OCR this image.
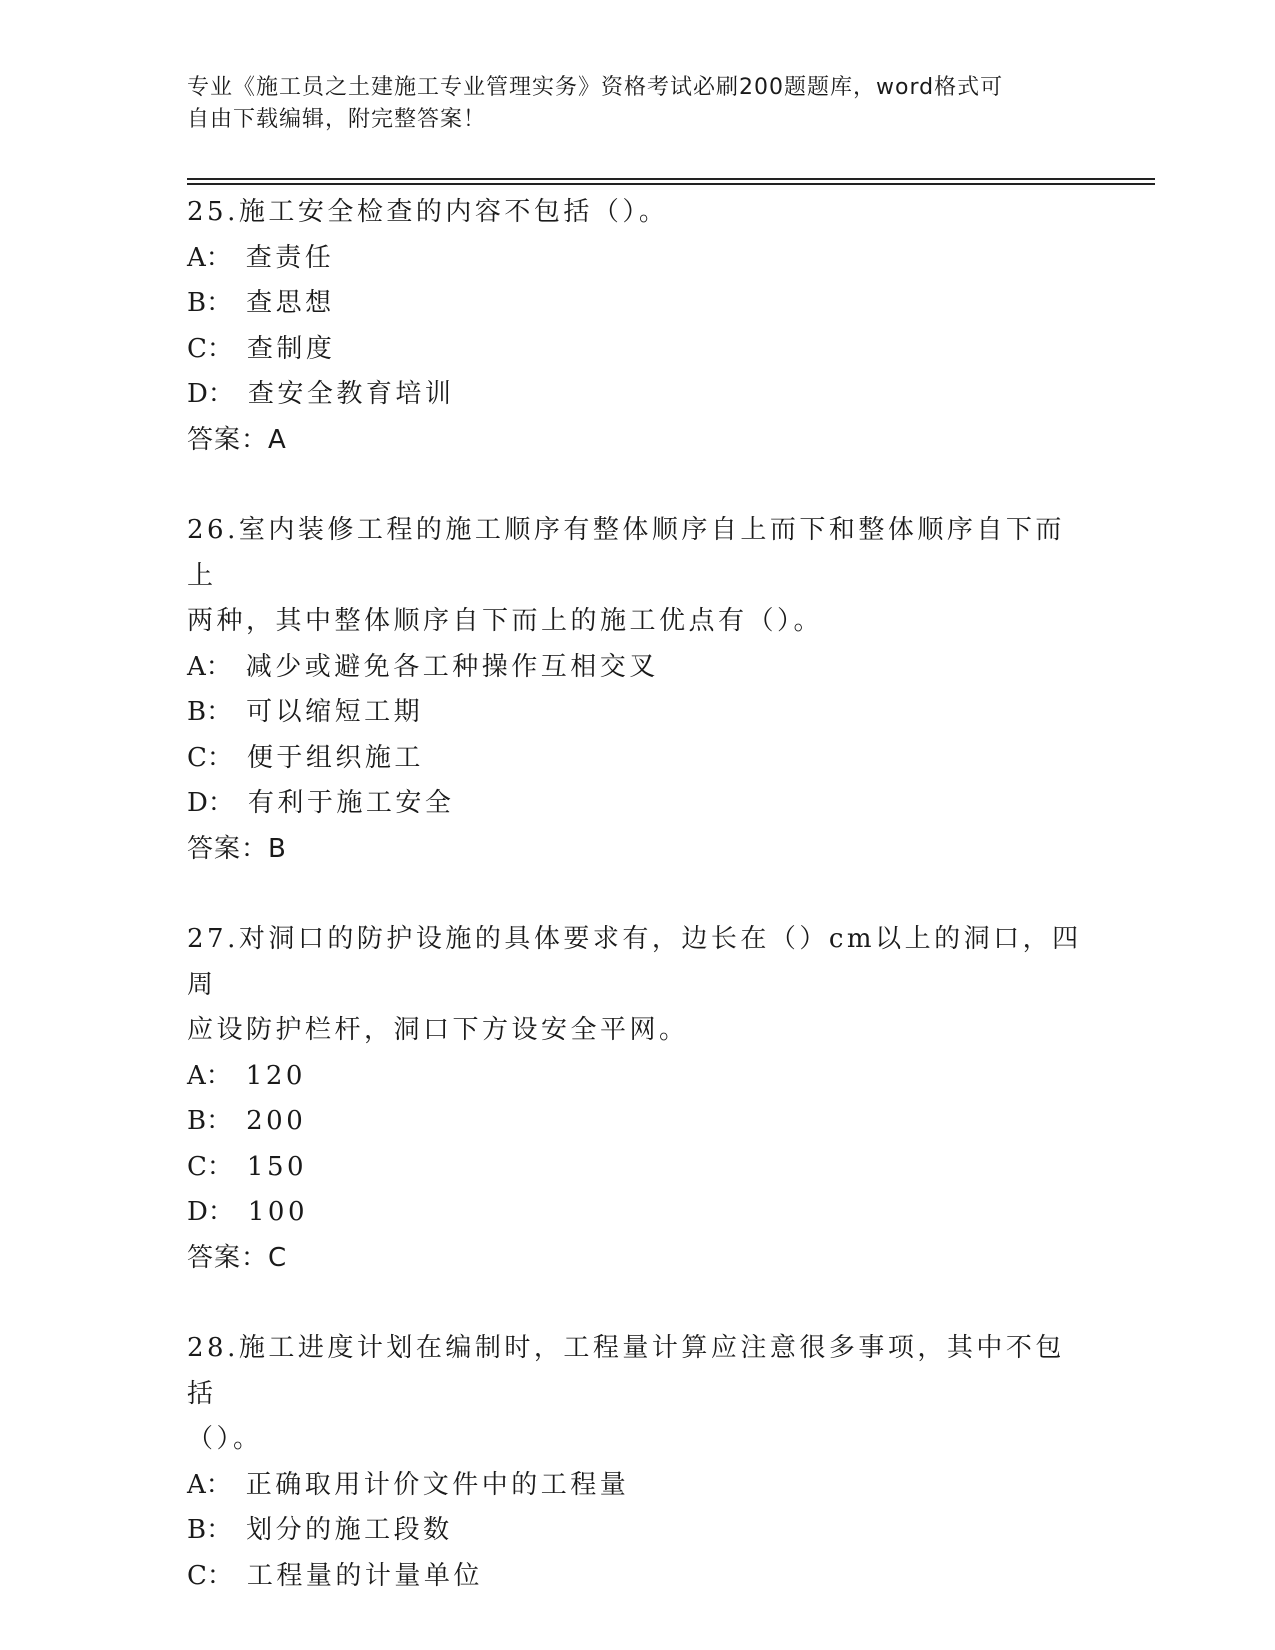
专业《施工员之土建施工专业管理实务》资格考试必刷200题题库，word格式可
自由下载编辑，附完整答案！
25.施工安全检查的内容不包括（）。
A： 查责任
B： 查思想
C： 查制度
D： 查安全教育培训
答案：A
26.室内装修工程的施工顺序有整体顺序自上而下和整体顺序自下而上
两种，其中整体顺序自下而上的施工优点有（）。
A： 减少或避免各工种操作互相交叉
B： 可以缩短工期
C： 便于组织施工
D： 有利于施工安全
答案：B
27.对洞口的防护设施的具体要求有，边长在（）cm以上的洞口，四周
应设防护栏杆，洞口下方设安全平网。
A： 120
B： 200
C： 150
D： 100
答案：C
28.施工进度计划在编制时，工程量计算应注意很多事项，其中不包括
（）。
A： 正确取用计价文件中的工程量
B： 划分的施工段数
C： 工程量的计量单位
